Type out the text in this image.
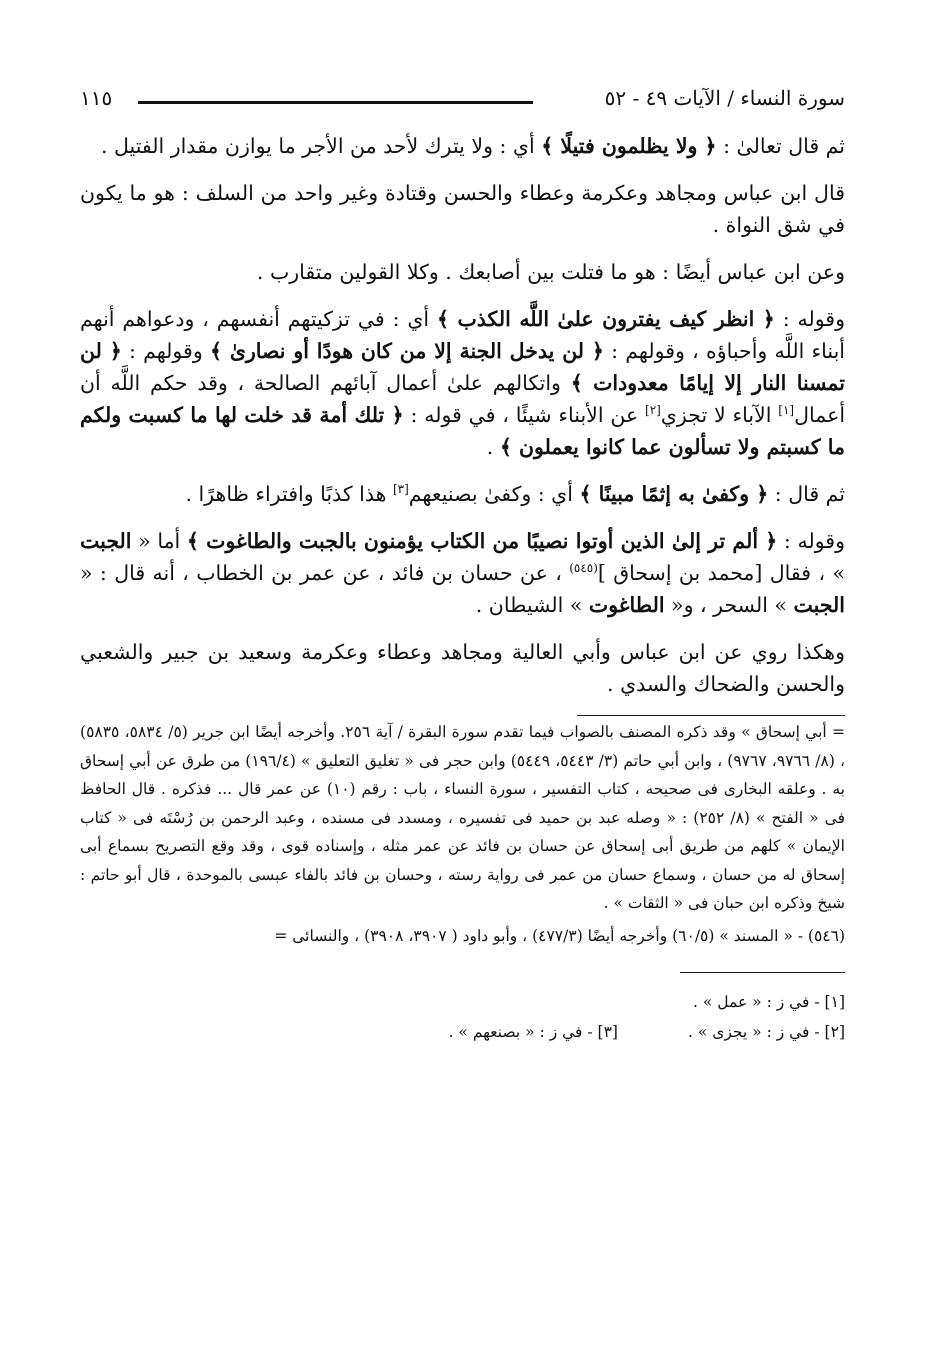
سورة النساء / الآيات ٤٩ - ٥٢
١١٥

ثم قال تعالىٰ : ﴿ ولا يظلمون فتيلًا ﴾ أي : ولا يترك لأحد من الأجر ما يوازن مقدار الفتيل .

قال ابن عباس ومجاهد وعكرمة وعطاء والحسن وقتادة وغير واحد من السلف : هو ما يكون في شق النواة .

وعن ابن عباس أيضًا : هو ما فتلت بين أصابعك . وكلا القولين متقارب .

وقوله : ﴿ انظر كيف يفترون علىٰ اللَّه الكذب ﴾ أي : في تزكيتهم أنفسهم ، ودعواهم أنهم أبناء اللَّه وأحباؤه ، وقولهم : ﴿ لن يدخل الجنة إلا من كان هودًا أو نصارىٰ ﴾ وقولهم : ﴿ لن تمسنا النار إلا إيامًا معدودات ﴾ واتكالهم علىٰ أعمال آبائهم الصالحة ، وقد حكم اللَّه أن أعمال[١] الآباء لا تجزي[٢] عن الأبناء شيئًا ، في قوله : ﴿ تلك أمة قد خلت لها ما كسبت ولكم ما كسبتم ولا تسألون عما كانوا يعملون ﴾ .

ثم قال : ﴿ وكفىٰ به إثمًا مبينًا ﴾ أي : وكفىٰ بصنيعهم[٣] هذا كذبًا وافتراء ظاهرًا .

وقوله : ﴿ ألم تر إلىٰ الذين أوتوا نصيبًا من الكتاب يؤمنون بالجبت والطاغوت ﴾ أما « الجبت » ، فقال [محمد بن إسحاق ]$^{(٥٤٥)}$ ، عن حسان بن فائد ، عن عمر بن الخطاب ، أنه قال : « الجبت » السحر ، و« الطاغوت » الشيطان .

وهكذا روي عن ابن عباس وأبي العالية ومجاهد وعطاء وعكرمة وسعيد بن جبير والشعبي والحسن والضحاك والسدي .

= أبي إسحاق » وقد ذكره المصنف بالصواب فيما تقدم سورة البقرة / آية ٢٥٦. وأخرجه أيضًا ابن جرير (٥/ ٥٨٣٤، ٥٨٣٥) ، (٨/ ٩٧٦٦، ٩٧٦٧) ، وابن أبي حاتم (٣/ ٥٤٤٣، ٥٤٤٩) وابن حجر فى « تغليق التعليق » (١٩٦/٤) من طرق عن أبي إسحاق به . وعلقه البخارى فى صحيحه ، كتاب التفسير ، سورة النساء ، باب : رقم (١٠) عن عمر قال ... فذكره . قال الحافظ فى « الفتح » (٨/ ٢٥٢) : « وصله عبد بن حميد فى تفسيره ، ومسدد فى مسنده ، وعبد الرحمن بن رُسْتَه فى « كتاب الإيمان » كلهم من طريق أبى إسحاق عن حسان بن فائد عن عمر مثله ، وإسناده قوى ، وقد وقع التصريح بسماع أبى إسحاق له من حسان ، وسماع حسان من عمر فى رواية رسته ، وحسان بن فائد بالفاء عبسى بالموحدة ، قال أبو حاتم : شيخ وذكره ابن حبان فى « الثقات » .

(٥٤٦) - « المسند » (٦٠/٥) وأخرجه أيضًا (٤٧٧/٣) ، وأبو داود ( ٣٩٠٧، ٣٩٠٨) ، والنسائى =

[١] - في ز : « عمل » .

[٢] - في ز : « يجزى » .

[٣] - في ز : « بصنعهم » .
